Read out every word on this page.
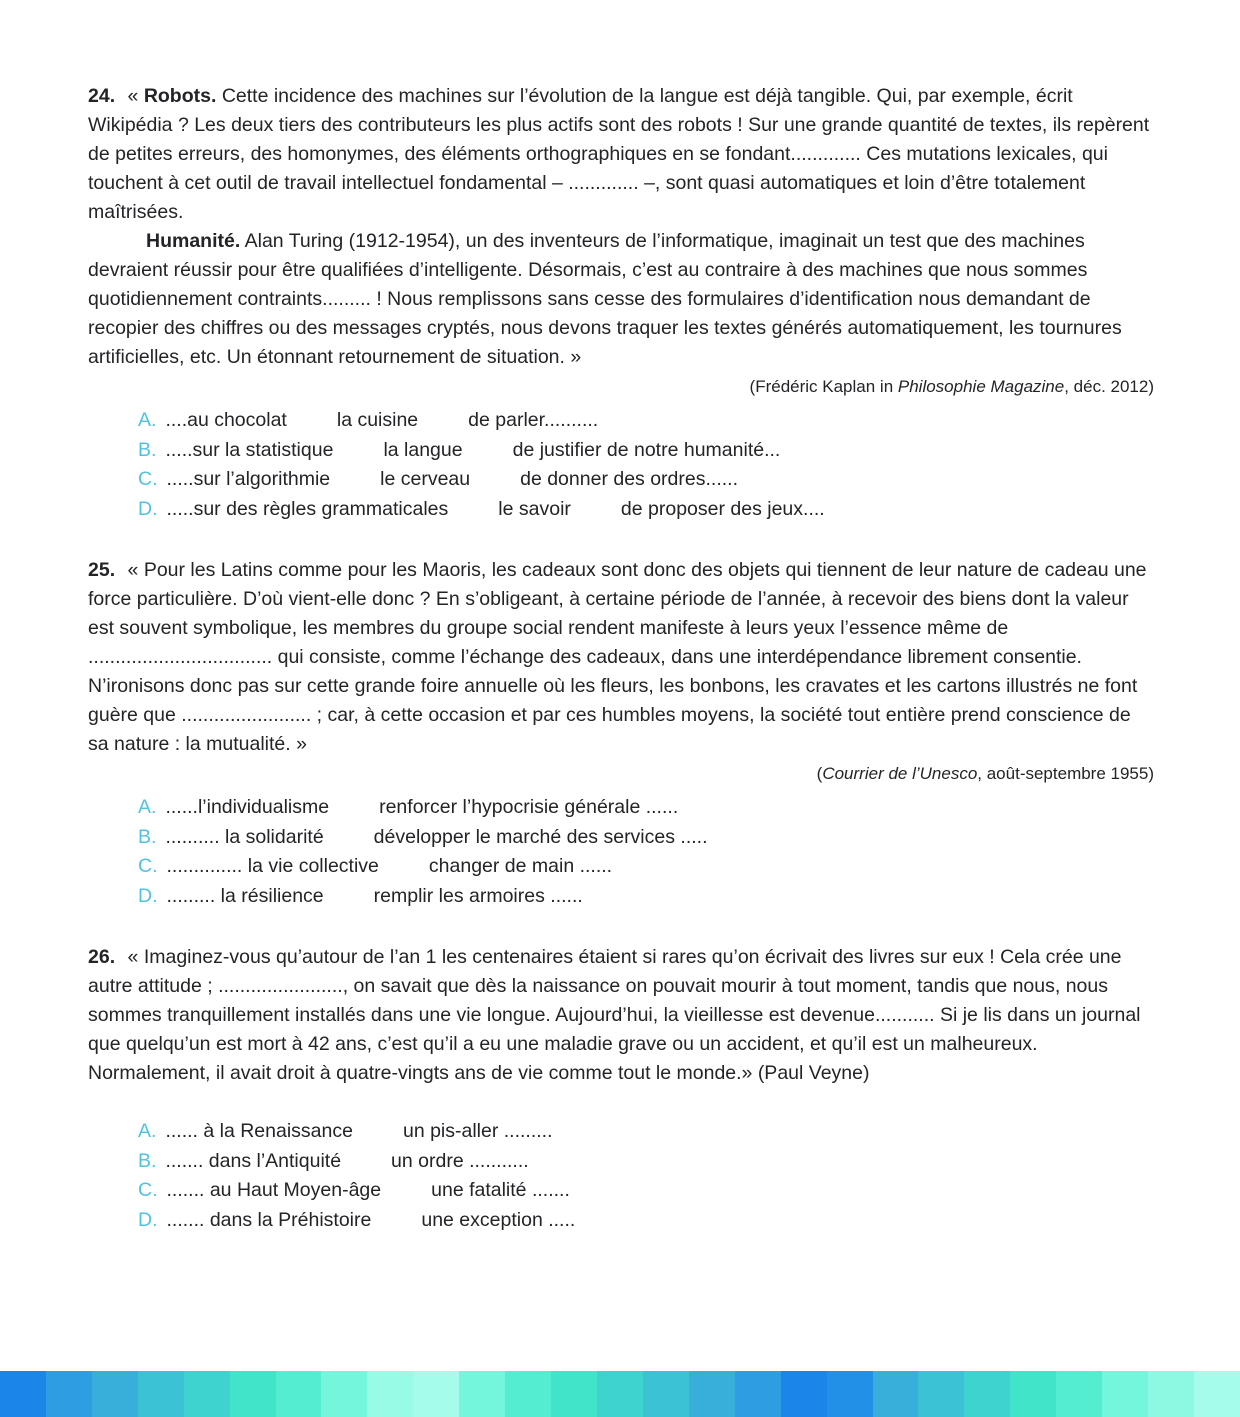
24. « Robots. Cette incidence des machines sur l’évolution de la langue est déjà tangible. Qui, par exemple, écrit Wikipédia ? Les deux tiers des contributeurs les plus actifs sont des robots ! Sur une grande quantité de textes, ils repèrent de petites erreurs, des homonymes, des éléments orthographiques en se fondant............. Ces mutations lexicales, qui touchent à cet outil de travail intellectuel fondamental – ............. –, sont quasi automatiques et loin d’être totalement maîtrisées.

Humanité. Alan Turing (1912-1954), un des inventeurs de l’informatique, imaginait un test que des machines devraient réussir pour être qualifiées d’intelligente. Désormais, c’est au contraire à des machines que nous sommes quotidiennement contraints......... ! Nous remplissons sans cesse des formulaires d’identification nous demandant de recopier des chiffres ou des messages cryptés, nous devons traquer les textes générés automatiquement, les tournures artificielles, etc. Un étonnant retournement de situation. »

(Frédéric Kaplan in Philosophie Magazine, déc. 2012)

A. ....au chocolat	la cuisine	de parler..........
B. .....sur la statistique	la langue	de justifier de notre humanité...
C. .....sur l’algorithmie	le cerveau	de donner des ordres......
D. .....sur des règles grammaticales	le savoir	de proposer des jeux....

25. « Pour les Latins comme pour les Maoris, les cadeaux sont donc des objets qui tiennent de leur nature de cadeau une force particulière. D’où vient-elle donc ? En s’obligeant, à certaine période de l’année, à recevoir des biens dont la valeur est souvent symbolique, les membres du groupe social rendent manifeste à leurs yeux l’essence même de .................................. qui consiste, comme l’échange des cadeaux, dans une interdépendance librement consentie. N’ironisons donc pas sur cette grande foire annuelle où les fleurs, les bonbons, les cravates et les cartons illustrés ne font guère que ........................ ; car, à cette occasion et par ces humbles moyens, la société tout entière prend conscience de sa nature : la mutualité. »

(Courrier de l’Unesco, août-septembre 1955)

A. ......l’individualisme	renforcer l’hypocrisie générale ......
B. .......... la solidarité	développer le marché des services .....
C. .............. la vie collective	changer de main ......
D. ......... la résilience	remplir les armoires ......

26. « Imaginez-vous qu’autour de l’an 1 les centenaires étaient si rares qu’on écrivait des livres sur eux ! Cela crée une autre attitude ; ......................., on savait que dès la naissance on pouvait mourir à tout moment, tandis que nous, nous sommes tranquillement installés dans une vie longue. Aujourd’hui, la vieillesse est devenue........... Si je lis dans un journal que quelqu’un est mort à 42 ans, c’est qu’il a eu une maladie grave ou un accident, et qu’il est un malheureux. Normalement, il avait droit à quatre-vingts ans de vie comme tout le monde.» (Paul Veyne)

A. ...... à la Renaissance	un pis-aller .........
B. ....... dans l’Antiquité	un ordre ...........
C. ....... au Haut Moyen-âge	une fatalité .......
D. ....... dans la Préhistoire	une exception .....
